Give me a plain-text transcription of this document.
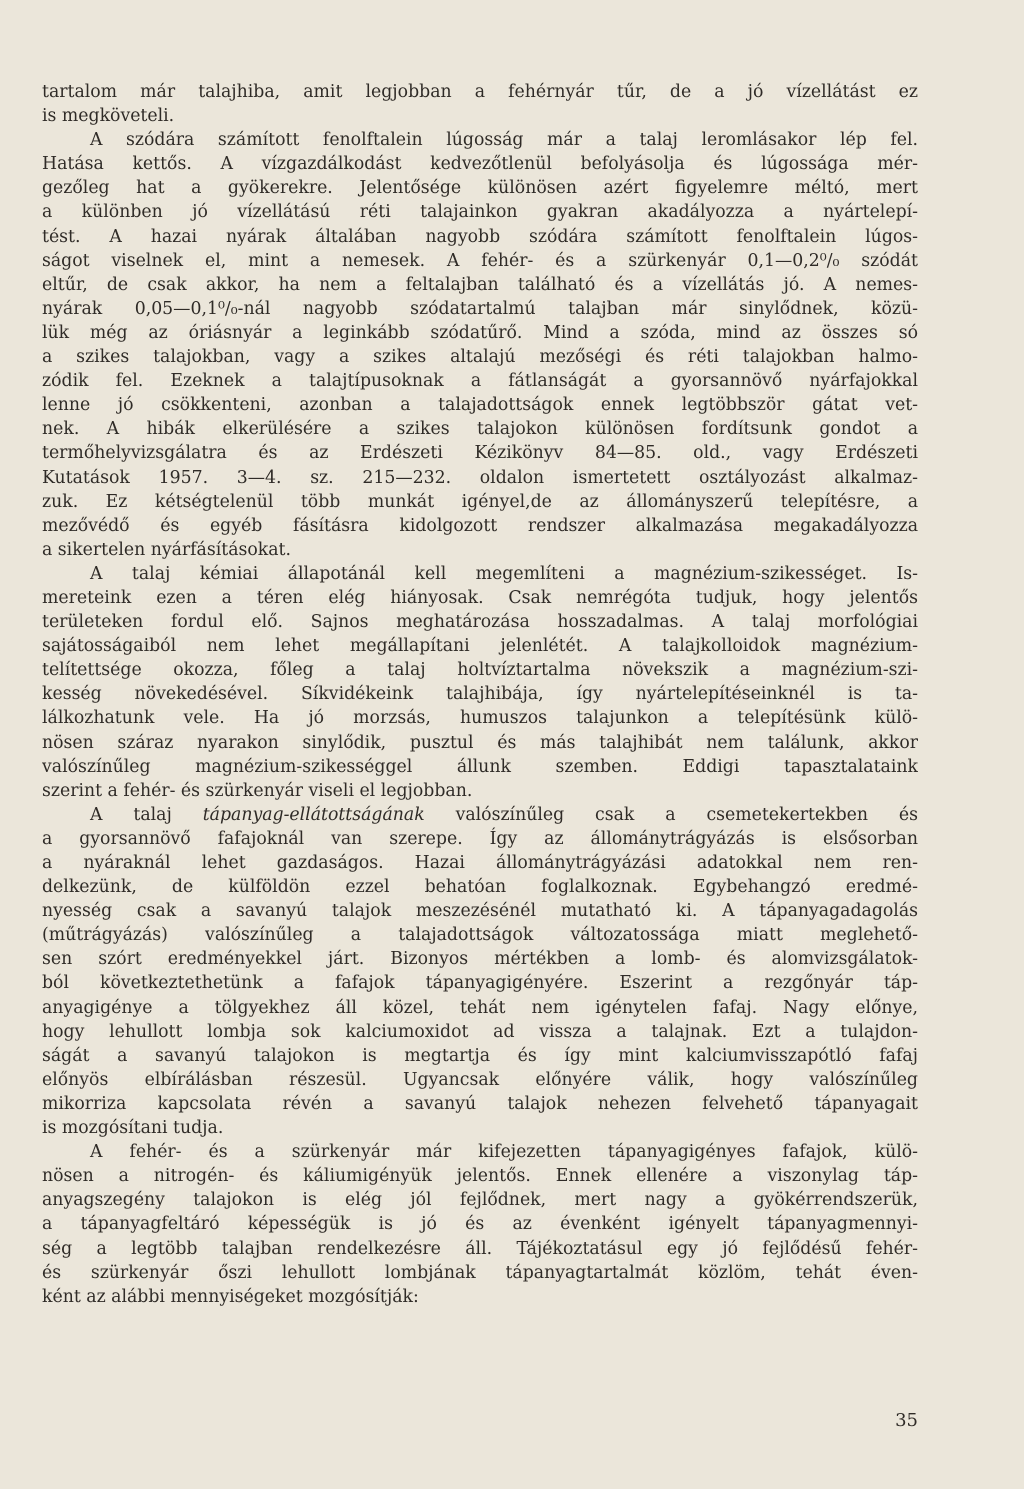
tartalom már talajhiba, amit legjobban a fehérnyár tűr, de a jó vízellátást ez
is megköveteli.
A szódára számított fenolftalein lúgosság már a talaj leromlásakor lép fel.
Hatása kettős. A vízgazdálkodást kedvezőtlenül befolyásolja és lúgossága mér-
gezőleg hat a gyökerekre. Jelentősége különösen azért figyelemre méltó, mert
a különben jó vízellátású réti talajainkon gyakran akadályozza a nyártelepí-
tést. A hazai nyárak általában nagyobb szódára számított fenolftalein lúgos-
ságot viselnek el, mint a nemesek. A fehér- és a szürkenyár 0,1—0,2⁰/₀ szódát
eltűr, de csak akkor, ha nem a feltalajban található és a vízellátás jó. A nemes-
nyárak 0,05—0,1⁰/₀-nál nagyobb szódatartalmú talajban már sinylődnek, közü-
lük még az óriásnyár a leginkább szódatűrő. Mind a szóda, mind az összes só
a szikes talajokban, vagy a szikes altalajú mezőségi és réti talajokban halmo-
zódik fel. Ezeknek a talajtípusoknak a fátlanságát a gyorsannövő nyárfajokkal
lenne jó csökkenteni, azonban a talajadottságok ennek legtöbbször gátat vet-
nek. A hibák elkerülésére a szikes talajokon különösen fordítsunk gondot a
termőhelyvizsgálatra és az Erdészeti Kézikönyv 84—85. old., vagy Erdészeti
Kutatások 1957. 3—4. sz. 215—232. oldalon ismertetett osztályozást alkalmaz-
zuk. Ez kétségtelenül több munkát igényel,de az állományszerű telepítésre, a
mezővédő és egyéb fásításra kidolgozott rendszer alkalmazása megakadályozza
a sikertelen nyárfásításokat.
A talaj kémiai állapotánál kell megemlíteni a magnézium-szikességet. Is-
mereteink ezen a téren elég hiányosak. Csak nemrégóta tudjuk, hogy jelentős
területeken fordul elő. Sajnos meghatározása hosszadalmas. A talaj morfológiai
sajátosságaiból nem lehet megállapítani jelenlétét. A talajkolloidok magnézium-
telítettsége okozza, főleg a talaj holtvíztartalma növekszik a magnézium-szi-
kesség növekedésével. Síkvidékeink talajhibája, így nyártelepítéseinknél is ta-
lálkozhatunk vele. Ha jó morzsás, humuszos talajunkon a telepítésünk külö-
nösen száraz nyarakon sinylődik, pusztul és más talajhibát nem találunk, akkor
valószínűleg magnézium-szikességgel állunk szemben. Eddigi tapasztalataink
szerint a fehér- és szürkenyár viseli el legjobban.
A talaj tápanyag-ellátottságának valószínűleg csak a csemetekertekben és
a gyorsannövő fafajoknál van szerepe. Így az állománytrágyázás is elsősorban
a nyáraknál lehet gazdaságos. Hazai állománytrágyázási adatokkal nem ren-
delkezünk, de külföldön ezzel behatóan foglalkoznak. Egybehangzó eredmé-
nyesség csak a savanyú talajok meszezésénél mutatható ki. A tápanyagadagolás
(műtrágyázás) valószínűleg a talajadottságok változatossága miatt meglehető-
sen szórt eredményekkel járt. Bizonyos mértékben a lomb- és alomvizsgálatok-
ból következtethetünk a fafajok tápanyagigényére. Eszerint a rezgőnyár táp-
anyagigénye a tölgyekhez áll közel, tehát nem igénytelen fafaj. Nagy előnye,
hogy lehullott lombja sok kalciumoxidot ad vissza a talajnak. Ezt a tulajdon-
ságát a savanyú talajokon is megtartja és így mint kalciumvisszapótló fafaj
előnyös elbírálásban részesül. Ugyancsak előnyére válik, hogy valószínűleg
mikorriza kapcsolata révén a savanyú talajok nehezen felvehető tápanyagait
is mozgósítani tudja.
A fehér- és a szürkenyár már kifejezetten tápanyagigényes fafajok, külö-
nösen a nitrogén- és káliumigényük jelentős. Ennek ellenére a viszonylag táp-
anyagszegény talajokon is elég jól fejlődnek, mert nagy a gyökérrendszerük,
a tápanyagfeltáró képességük is jó és az évenként igényelt tápanyagmennyi-
ség a legtöbb talajban rendelkezésre áll. Tájékoztatásul egy jó fejlődésű fehér-
és szürkenyár őszi lehullott lombjának tápanyagtartalmát közlöm, tehát éven-
ként az alábbi mennyiségeket mozgósítják:
35
